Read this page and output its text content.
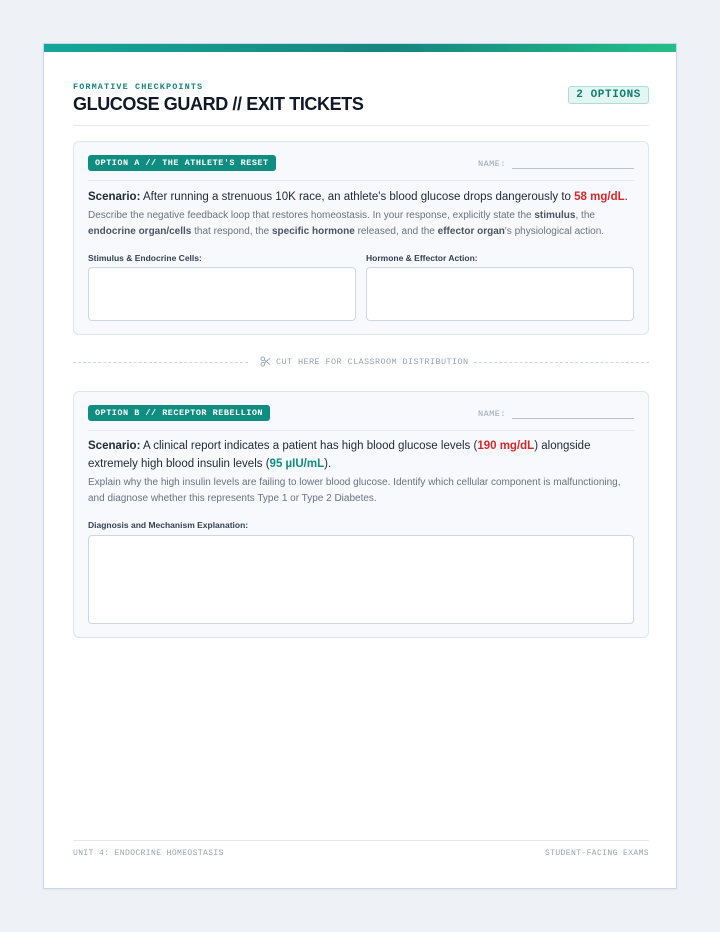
FORMATIVE CHECKPOINTS
GLUCOSE GUARD // EXIT TICKETS	2 OPTIONS
OPTION A // THE ATHLETE'S RESET	NAME:
Scenario: After running a strenuous 10K race, an athlete's blood glucose drops dangerously to 58 mg/dL.
Describe the negative feedback loop that restores homeostasis. In your response, explicitly state the stimulus, the endocrine organ/cells that respond, the specific hormone released, and the effector organ's physiological action.
Stimulus & Endocrine Cells:	Hormone & Effector Action:
CUT HERE FOR CLASSROOM DISTRIBUTION
OPTION B // RECEPTOR REBELLION	NAME:
Scenario: A clinical report indicates a patient has high blood glucose levels (190 mg/dL) alongside extremely high blood insulin levels (95 µIU/mL).
Explain why the high insulin levels are failing to lower blood glucose. Identify which cellular component is malfunctioning, and diagnose whether this represents Type 1 or Type 2 Diabetes.
Diagnosis and Mechanism Explanation:
UNIT 4: ENDOCRINE HOMEOSTASIS	STUDENT-FACING EXAMS
